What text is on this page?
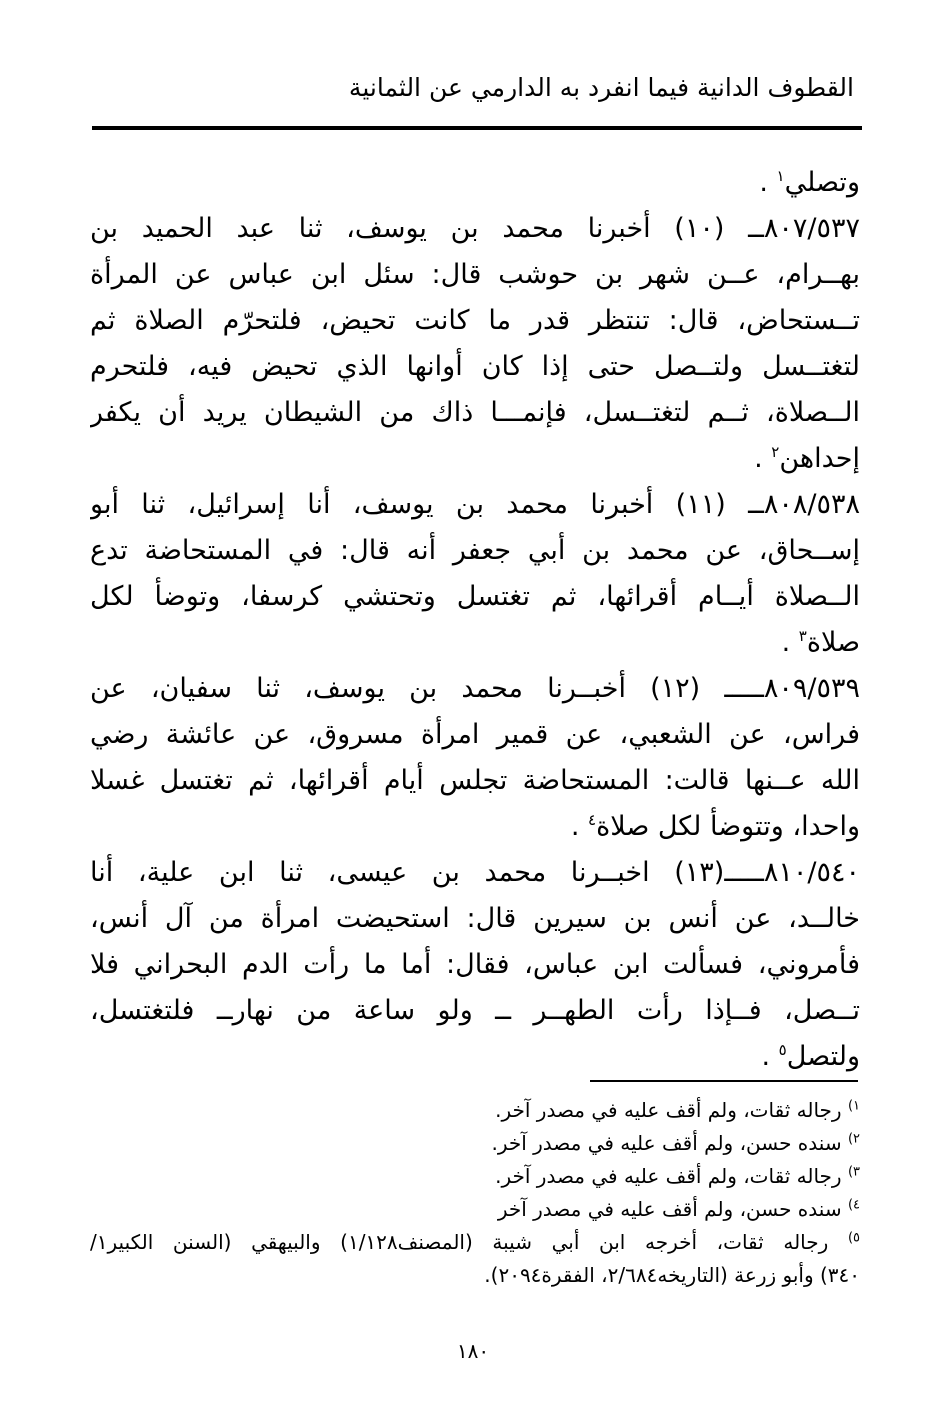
القطوف الدانية فيما انفرد به الدارمي عن الثمانية
وتصلي$^١$ .
٨٠٧/٥٣٧ــ (١٠) أخبرنا محمد بن يوسف، ثنا عبد الحميد بن
بهــرام، عــن شهر بن حوشب قال: سئل ابن عباس عن المرأة
تــستحاض، قال: تنتظر قدر ما كانت تحيض، فلتحرّم الصلاة ثم
لتغتــسل ولتــصل حتى إذا كان أوانها الذي تحيض فيه، فلتحرم
الــصلاة، ثــم لتغتــسل، فإنمـــا ذاك من الشيطان يريد أن يكفر
إحداهن$^٢$ .
٨٠٨/٥٣٨ــ (١١) أخبرنا محمد بن يوسف، أنا إسرائيل، ثنا أبو
إســحاق، عن محمد بن أبي جعفر أنه قال: في المستحاضة تدع
الــصلاة أيــام أقرائها، ثم تغتسل وتحتشي كرسفا، وتوضأ لكل
صلاة$^٣$ .
٨٠٩/٥٣٩ـــــ (١٢) أخبــرنا محمد بن يوسف، ثنا سفيان، عن
فراس، عن الشعبي، عن قمير امرأة مسروق، عن عائشة رضي
الله عــنها قالت: المستحاضة تجلس أيام أقرائها، ثم تغتسل غسلا
واحدا، وتتوضأ لكل صلاة$^٤$ .
٨١٠/٥٤٠ـــــ(١٣) اخبــرنا محمد بن عيسى، ثنا ابن علية، أنا
خالــد، عن أنس بن سيرين قال: استحيضت امرأة من آل أنس،
فأمروني، فسألت ابن عباس، فقال: أما ما رأت الدم البحراني فلا
تــصل، فــإذا رأت الطهــر ــ ولو ساعة من نهارــ فلتغتسل،
ولتصل$^٥$ .
$^{١)}$ رجاله ثقات، ولم أقف عليه في مصدر آخر.
$^{٢)}$ سنده حسن، ولم أقف عليه في مصدر آخر.
$^{٣)}$ رجاله ثقات، ولم أقف عليه في مصدر آخر.
$^{٤)}$ سنده حسن، ولم أقف عليه في مصدر آخر
$^{٥)}$ رجاله ثقات، أخرجه ابن أبي شيبة (المصنف١/١٢٨) والبيهقي (السنن الكبير١/
٣٤٠) وأبو زرعة (التاريخه٢/٦٨٤، الفقرة٢٠٩٤).
١٨٠
